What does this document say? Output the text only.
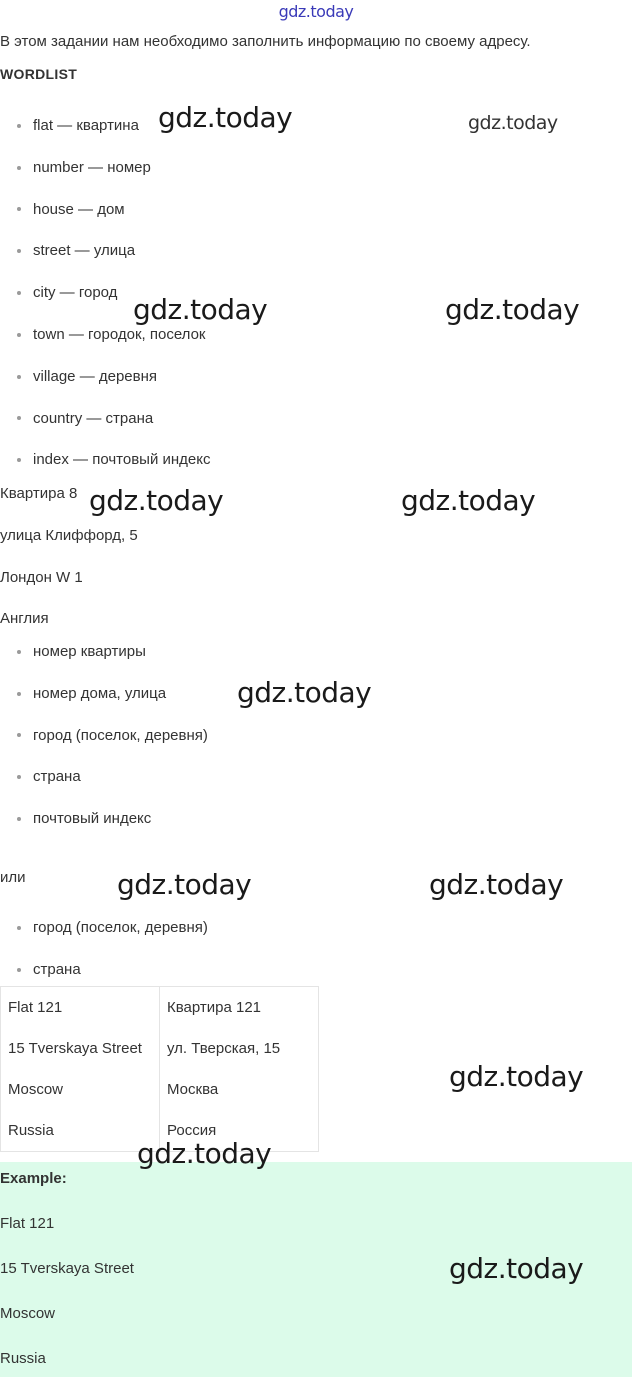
gdz.today
В этом задании нам необходимо заполнить информацию по своему адресу.
WORDLIST
flat — квартина
number — номер
house — дом
street — улица
city — город
town — городок, поселок
village — деревня
country — страна
index — почтовый индекс
Квартира 8
улица Клиффорд, 5
Лондон W 1
Англия
номер квартиры
номер дома, улица
город (поселок, деревня)
страна
почтовый индекс
или
город (поселок, деревня)
страна
Flat 121	Квартира 121
15 Tverskaya Street	ул. Тверская, 15
Moscow	Москва
Russia	Россия
Example:
Flat 121
15 Tverskaya Street
Moscow
Russia
gdz.today	gdz.today
gdz.today	gdz.today
gdz.today	gdz.today
gdz.today
gdz.today	gdz.today
gdz.today
gdz.today
gdz.today
